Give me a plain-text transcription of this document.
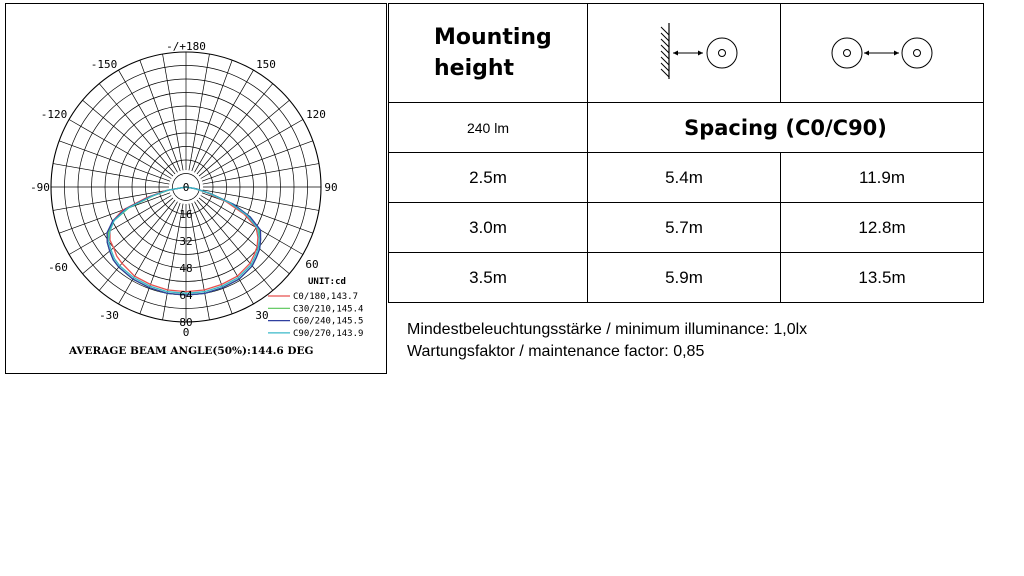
C0/180,143.7
C30/210,145.4
C60/240,145.5
C90/270,143.9
-/+180
-150	150
-120	120
-90	90
-60	60
-30	30
0
0
16
32
48
64
80
UNIT:cd
AVERAGE BEAM ANGLE(50%):144.6 DEG
Mounting
height

240 lm	Spacing (C0/C90)	
2.5m	5.4m	11.9m
3.0m	5.7m	12.8m
3.5m	5.9m	13.5m
Mindestbeleuchtungsstärke / minimum illuminance: 1,0lx
Wartungsfaktor / maintenance factor: 0,85
